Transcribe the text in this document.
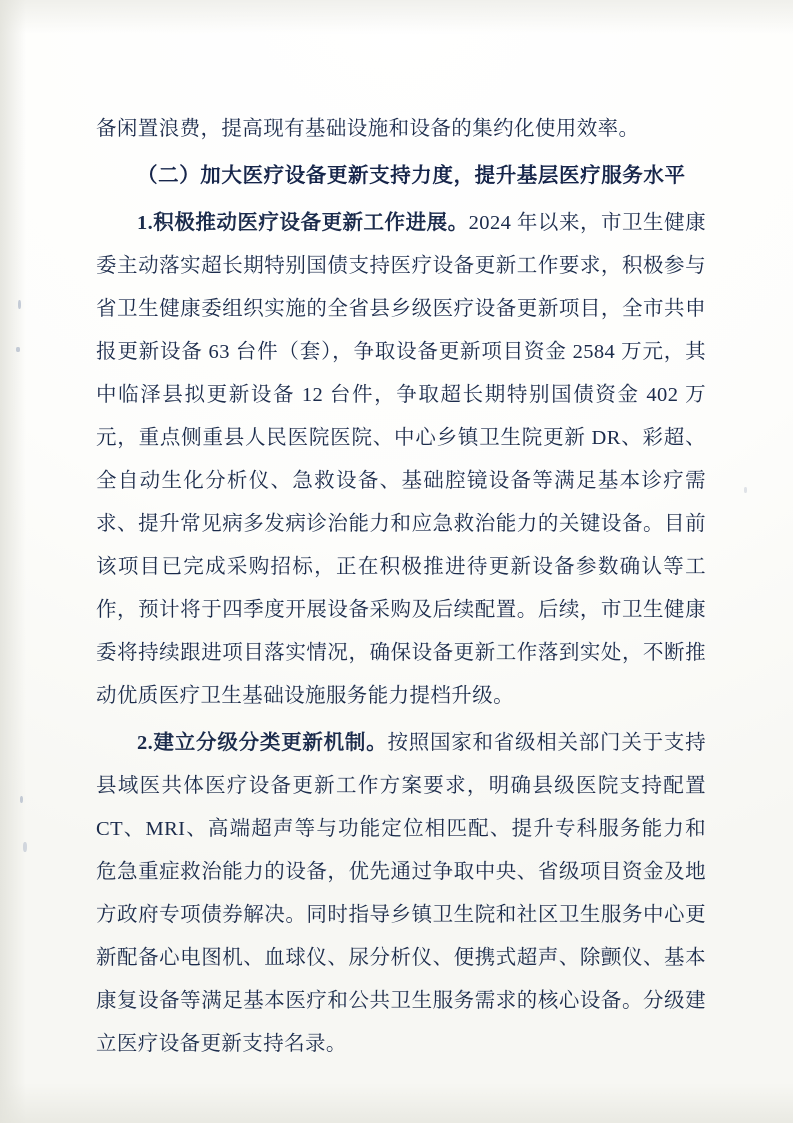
备闲置浪费，提高现有基础设施和设备的集约化使用效率。

（二）加大医疗设备更新支持力度，提升基层医疗服务水平

1.积极推动医疗设备更新工作进展。2024 年以来，市卫生健康委主动落实超长期特别国债支持医疗设备更新工作要求，积极参与省卫生健康委组织实施的全省县乡级医疗设备更新项目，全市共申报更新设备 63 台件（套），争取设备更新项目资金 2584 万元，其中临泽县拟更新设备 12 台件，争取超长期特别国债资金 402 万元，重点侧重县人民医院医院、中心乡镇卫生院更新 DR、彩超、全自动生化分析仪、急救设备、基础腔镜设备等满足基本诊疗需求、提升常见病多发病诊治能力和应急救治能力的关键设备。目前该项目已完成采购招标，正在积极推进待更新设备参数确认等工作，预计将于四季度开展设备采购及后续配置。后续，市卫生健康委将持续跟进项目落实情况，确保设备更新工作落到实处，不断推动优质医疗卫生基础设施服务能力提档升级。

2.建立分级分类更新机制。按照国家和省级相关部门关于支持县域医共体医疗设备更新工作方案要求，明确县级医院支持配置 CT、MRI、高端超声等与功能定位相匹配、提升专科服务能力和危急重症救治能力的设备，优先通过争取中央、省级项目资金及地方政府专项债券解决。同时指导乡镇卫生院和社区卫生服务中心更新配备心电图机、血球仪、尿分析仪、便携式超声、除颤仪、基本康复设备等满足基本医疗和公共卫生服务需求的核心设备。分级建立医疗设备更新支持名录。
